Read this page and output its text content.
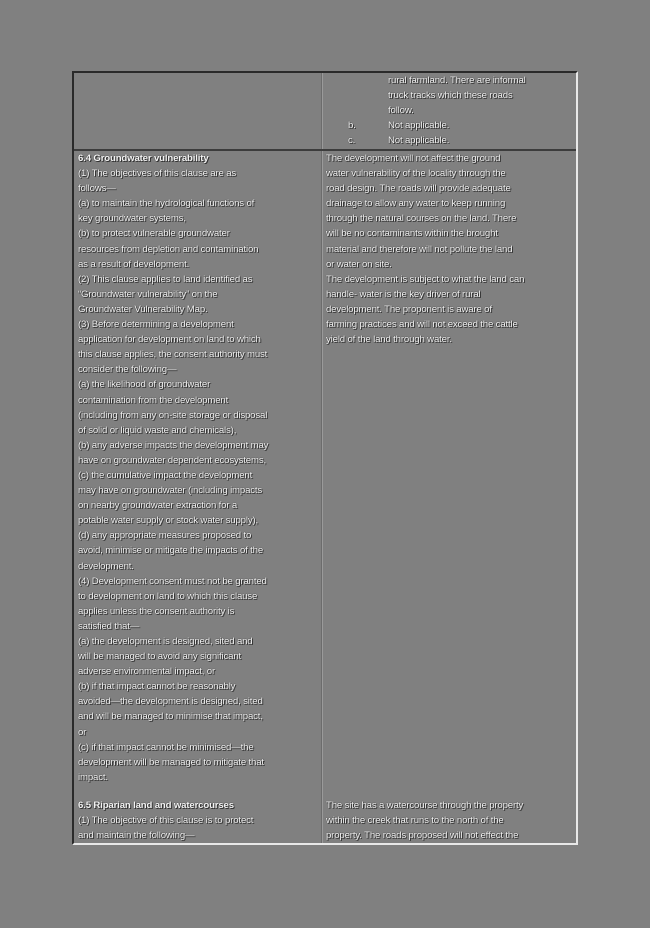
rural farmland. There are informal

truck tracks which these roads

follow.

b.	Not applicable.
c.	Not applicable.

6.4 Groundwater vulnerability

(1) The objectives of this clause are as

follows—

(a) to maintain the hydrological functions of

key groundwater systems,

(b) to protect vulnerable groundwater

resources from depletion and contamination

as a result of development.

(2) This clause applies to land identified as

“Groundwater vulnerability” on the

Groundwater Vulnerability Map.

(3) Before determining a development

application for development on land to which

this clause applies, the consent authority must

consider the following—

(a) the likelihood of groundwater

contamination from the development

(including from any on-site storage or disposal

of solid or liquid waste and chemicals),

(b) any adverse impacts the development may

have on groundwater dependent ecosystems,

(c) the cumulative impact the development

may have on groundwater (including impacts

on nearby groundwater extraction for a

potable water supply or stock water supply),

(d) any appropriate measures proposed to

avoid, minimise or mitigate the impacts of the

development.

(4) Development consent must not be granted

to development on land to which this clause

applies unless the consent authority is

satisfied that—

(a) the development is designed, sited and

will be managed to avoid any significant

adverse environmental impact, or

(b) if that impact cannot be reasonably

avoided—the development is designed, sited

and will be managed to minimise that impact,

or

(c) if that impact cannot be minimised—the

development will be managed to mitigate that

impact.

The development will not affect the ground

water vulnerability of the locality through the

road design. The roads will provide adequate

drainage to allow any water to keep running

through the natural courses on the land. There

will be no contaminants within the brought

material and therefore will not pollute the land

or water on site.

The development is subject to what the land can

handle- water is the key driver of rural

development. The proponent is aware of

farming practices and will not exceed the cattle

yield of the land through water.

6.5 Riparian land and watercourses

(1) The objective of this clause is to protect

and maintain the following—

The site has a watercourse through the property

within the creek that runs to the north of the

property. The roads proposed will not effect the
